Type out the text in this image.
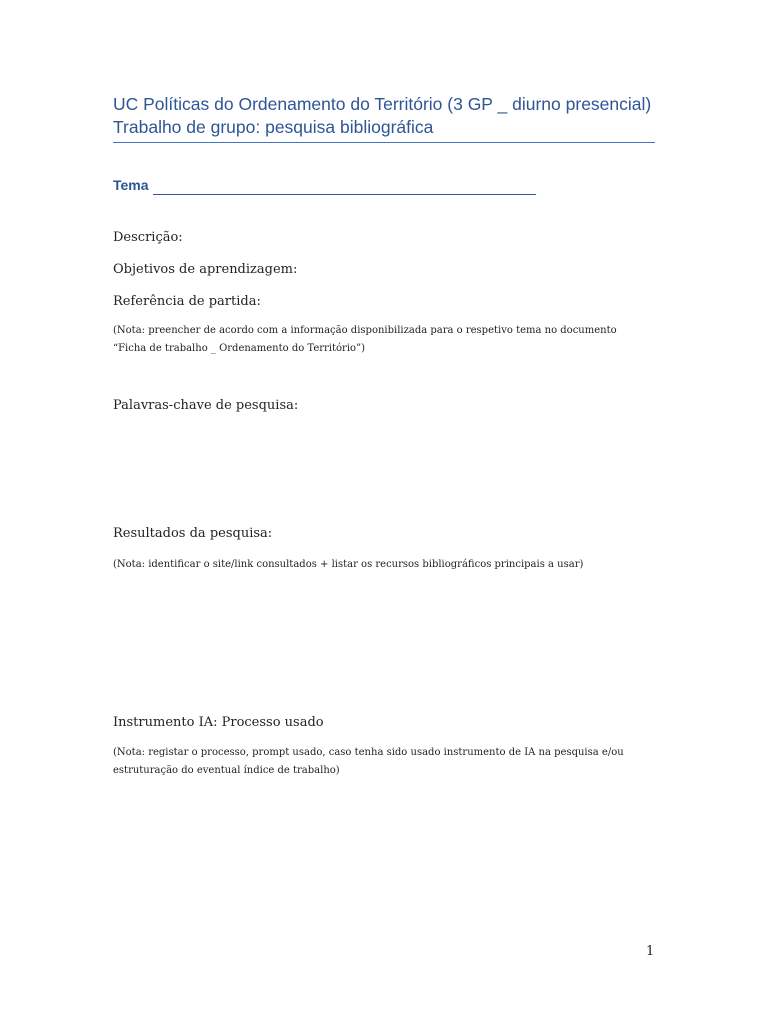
UC Políticas do Ordenamento do Território (3 GP _ diurno presencial)
Trabalho de grupo: pesquisa bibliográfica
Tema
Descrição:
Objetivos de aprendizagem:
Referência de partida:
(Nota: preencher de acordo com a informação disponibilizada para o respetivo tema no documento “Ficha de trabalho _ Ordenamento do Território”)
Palavras-chave de pesquisa:
Resultados da pesquisa:
(Nota: identificar o site/link consultados + listar os recursos bibliográficos principais a usar)
Instrumento IA: Processo usado
(Nota: registar o processo, prompt usado, caso tenha sido usado instrumento de IA na pesquisa e/ou estruturação do eventual índice de trabalho)
1
